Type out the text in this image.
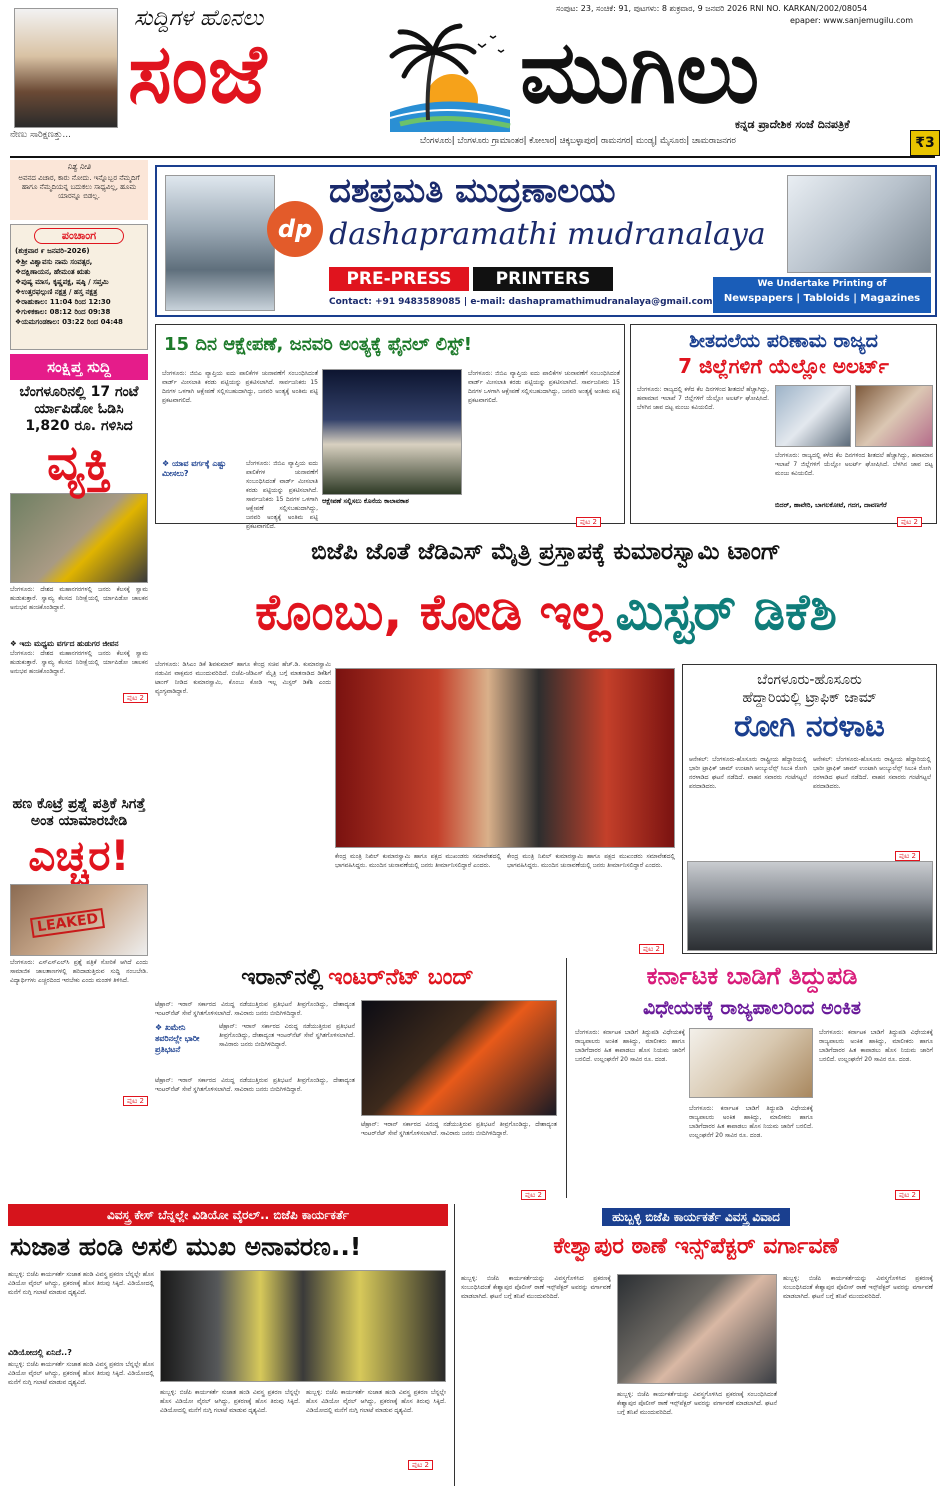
ನೇಣು ಸಾರಿಕ್ಷಣತ್ತು...
ಸುದ್ದಿಗಳ ಹೊನಲು
ಸಂಜೆ	ಮುಗಿಲು
ಸಂಪುಟ: 23, ಸಂಚಿಕೆ: 91, ಪುಟಗಳು: 8 ಶುಕ್ರವಾರ, 9 ಜನವರಿ 2026 RNI NO. KARKAN/2002/08054
epaper: www.sanjemugilu.com
ಕನ್ನಡ ಪ್ರಾದೇಶಿಕ ಸಂಜೆ ದಿನಪತ್ರಿಕೆ
ಬೆಂಗಳೂರು| ಬೆಂಗಳೂರು ಗ್ರಾಮಾಂತರ| ಕೋಲಾರ| ಚಿಕ್ಕಬಳ್ಳಾಪುರ| ರಾಮನಗರ| ಮಂಡ್ಯ| ಮೈಸೂರು| ಚಾಮರಾಜನಗರ	₹3
ನಿತ್ಯ ನೀತಿ
ಅವನದ ವಿಚಾರ, ಕಾರು ನೋದು. ಇನ್ನೊಬ್ಬರ ನೆಮ್ಮದಿಗೆ ಹಾಗೂ ನೆಮ್ಮದಿಯನ್ನ ಬದುಕಲು ಸಾಧ್ಯವಿಲ್ಲ, ಹೂಮ ಯಾರನ್ನೂ ಬಿಡಲ್ಲ.
ಪಂಚಾಂಗ
(ಶುಕ್ರವಾರ ೯ ಜನವರಿ-2026)
❖ಶ್ರೀ ವಿಶ್ವಾವಸು ನಾಮ ಸಂವತ್ಸರ,
❖ದಕ್ಷಿಣಾಯನ, ಹೇಮಂತ ಋತು
❖ಪುಷ್ಯ ಮಾಸ, ಕೃಷ್ಣಪಕ್ಷ, ಷಷ್ಠಿ / ಸಪ್ತಮಿ
❖ಉತ್ತರಫಲ್ಗುಣಿ ನಕ್ಷತ್ರ / ಹಸ್ತ ನಕ್ಷತ್ರ
❖ರಾಹುಕಾಲ: 11:04 ರಿಂದ 12:30
❖ಗುಳಿಕಕಾಲ: 08:12 ರಿಂದ 09:38
❖ಯಮಗಂಡಕಾಲ: 03:22 ರಿಂದ 04:48
ಸಂಕ್ಷಿಪ್ತ ಸುದ್ದಿ
ಬೆಂಗಳೂರಿನಲ್ಲಿ 17 ಗಂಟೆ ರ್ಯಾಪಿಡೋ ಓಡಿಸಿ 1,820 ರೂ. ಗಳಿಸಿದ
ವ್ಯಕ್ತಿ
ಬೆಂಗಳೂರು: ದೇಶದ ಮಹಾನಗರಗಳಲ್ಲಿ ಜನರು ಕೆಲಸಕ್ಕೆ ಸ್ವಾಮ ಹುಡುಕುತ್ತಾರೆ. ಸ್ವಾಮ್ಯ ಕೆಲಸದ ನಿರೀಕ್ಷೆಯಲ್ಲಿ ರ್ಯಾಪಿಡೋ ಚಾಲಕನ ಅನುಭವ ಹಂಚಿಕೊಂಡಿದ್ದಾನೆ.
❖ ಇದು ಮಧ್ಯಮ ವರ್ಗದ ಹುಡುಗರ ಜೀವನ
ಬೆಂಗಳೂರು: ದೇಶದ ಮಹಾನಗರಗಳಲ್ಲಿ ಜನರು ಕೆಲಸಕ್ಕೆ ಸ್ವಾಮ ಹುಡುಕುತ್ತಾರೆ. ಸ್ವಾಮ್ಯ ಕೆಲಸದ ನಿರೀಕ್ಷೆಯಲ್ಲಿ ರ್ಯಾಪಿಡೋ ಚಾಲಕನ ಅನುಭವ ಹಂಚಿಕೊಂಡಿದ್ದಾನೆ.
ಪುಟ 2
ಹಣ ಕೊಟ್ರೆ ಪ್ರಶ್ನೆ ಪತ್ರಿಕೆ ಸಿಗತ್ತೆ ಅಂತ ಯಾಮಾರಬೇಡಿ
ಎಚ್ಚರ!
LEAKED
ಬೆಂಗಳೂರು: ಎಸ್‌ಎಸ್‌ಎಲ್‌ಸಿ ಪ್ರಶ್ನೆ ಪತ್ರಿಕೆ ಸೋರಿಕೆ ಆಗಿದೆ ಎಂದು ಸಾಮಾಜಿಕ ಜಾಲತಾಣಗಳಲ್ಲಿ ಹರಿದಾಡುತ್ತಿರುವ ಸುದ್ದಿ ನಂಬಬೇಡಿ. ವಿದ್ಯಾರ್ಥಿಗಳು ಎಚ್ಚರದಿಂದ ಇರಬೇಕು ಎಂದು ಮಂಡಳಿ ತಿಳಿಸಿದೆ.
ಪುಟ 2
dp
ದಶಪ್ರಮತಿ ಮುದ್ರಣಾಲಯ
dashapramathi mudranalaya
PRE-PRESS	PRINTERS
Contact: +91 9483589085 | e-mail: dashapramathimudranalaya@gmail.com
We Undertake Printing of
Newspapers | Tabloids | Magazines
15 ದಿನ ಆಕ್ಷೇಪಣೆ, ಜನವರಿ ಅಂತ್ಯಕ್ಕೆ ಫೈನಲ್ ಲಿಸ್ಟ್!
ಬೆಂಗಳೂರು: ಜಿಬಿಎ ವ್ಯಾಪ್ತಿಯ ಐದು ಪಾಲಿಕೆಗಳ ಚುನಾವಣೆಗೆ ಸಂಬಂಧಿಸಿದಂತೆ ವಾರ್ಡ್ ಮೀಸಲಾತಿ ಕರಡು ಪಟ್ಟಿಯನ್ನು ಪ್ರಕಟಿಸಲಾಗಿದೆ. ಸಾರ್ವಜನಿಕರು 15 ದಿನಗಳ ಒಳಗಾಗಿ ಆಕ್ಷೇಪಣೆ ಸಲ್ಲಿಸಬಹುದಾಗಿದ್ದು, ಜನವರಿ ಅಂತ್ಯಕ್ಕೆ ಅಂತಿಮ ಪಟ್ಟಿ ಪ್ರಕಟವಾಗಲಿದೆ.
❖ ಯಾವ ವರ್ಗಕ್ಕೆ ಎಷ್ಟು ಮೀಸಲು?
ಬೆಂಗಳೂರು: ಜಿಬಿಎ ವ್ಯಾಪ್ತಿಯ ಐದು ಪಾಲಿಕೆಗಳ ಚುನಾವಣೆಗೆ ಸಂಬಂಧಿಸಿದಂತೆ ವಾರ್ಡ್ ಮೀಸಲಾತಿ ಕರಡು ಪಟ್ಟಿಯನ್ನು ಪ್ರಕಟಿಸಲಾಗಿದೆ. ಸಾರ್ವಜನಿಕರು 15 ದಿನಗಳ ಒಳಗಾಗಿ ಆಕ್ಷೇಪಣೆ ಸಲ್ಲಿಸಬಹುದಾಗಿದ್ದು, ಜನವರಿ ಅಂತ್ಯಕ್ಕೆ ಅಂತಿಮ ಪಟ್ಟಿ ಪ್ರಕಟವಾಗಲಿದೆ.
ಆಕ್ಷೇಪಣೆ ಸಲ್ಲಿಸಲು ಕೊನೆಯ ಕಾಲಾವಕಾಶ
ಬೆಂಗಳೂರು: ಜಿಬಿಎ ವ್ಯಾಪ್ತಿಯ ಐದು ಪಾಲಿಕೆಗಳ ಚುನಾವಣೆಗೆ ಸಂಬಂಧಿಸಿದಂತೆ ವಾರ್ಡ್ ಮೀಸಲಾತಿ ಕರಡು ಪಟ್ಟಿಯನ್ನು ಪ್ರಕಟಿಸಲಾಗಿದೆ. ಸಾರ್ವಜನಿಕರು 15 ದಿನಗಳ ಒಳಗಾಗಿ ಆಕ್ಷೇಪಣೆ ಸಲ್ಲಿಸಬಹುದಾಗಿದ್ದು, ಜನವರಿ ಅಂತ್ಯಕ್ಕೆ ಅಂತಿಮ ಪಟ್ಟಿ ಪ್ರಕಟವಾಗಲಿದೆ.
ಪುಟ 2
ಶೀತದಲೆಯ ಪರಿಣಾಮ ರಾಜ್ಯದ
7 ಜಿಲ್ಲೆಗಳಿಗೆ ಯೆಲ್ಲೋ ಅಲರ್ಟ್
ಬೆಂಗಳೂರು: ರಾಜ್ಯದಲ್ಲಿ ಕಳೆದ ಕೆಲ ದಿನಗಳಿಂದ ಶೀತದಲೆ ಹೆಚ್ಚಾಗಿದ್ದು, ಹವಾಮಾನ ಇಲಾಖೆ 7 ಜಿಲ್ಲೆಗಳಿಗೆ ಯೆಲ್ಲೋ ಅಲರ್ಟ್ ಘೋಷಿಸಿದೆ. ಬೆಳಗಿನ ಜಾವ ದಟ್ಟ ಮಂಜು ಕವಿಯಲಿದೆ.
ಬೆಂಗಳೂರು: ರಾಜ್ಯದಲ್ಲಿ ಕಳೆದ ಕೆಲ ದಿನಗಳಿಂದ ಶೀತದಲೆ ಹೆಚ್ಚಾಗಿದ್ದು, ಹವಾಮಾನ ಇಲಾಖೆ 7 ಜಿಲ್ಲೆಗಳಿಗೆ ಯೆಲ್ಲೋ ಅಲರ್ಟ್ ಘೋಷಿಸಿದೆ. ಬೆಳಗಿನ ಜಾವ ದಟ್ಟ ಮಂಜು ಕವಿಯಲಿದೆ.
ಬಿದರ್, ಹಾವೇರಿ, ಬಾಗಲಕೋಟೆ, ಗದಗ, ದಾವಣಗೆರೆ
ಪುಟ 2
ಬಿಜೆಪಿ ಜೊತೆ ಜೆಡಿಎಸ್ ಮೈತ್ರಿ ಪ್ರಸ್ತಾಪಕ್ಕೆ ಕುಮಾರಸ್ವಾಮಿ ಟಾಂಗ್
ಕೊಂಬು, ಕೋಡಿ ಇಲ್ಲ ಮಿಸ್ಟರ್ ಡಿಕೆಶಿ
ಬೆಂಗಳೂರು: ಡಿಸಿಎಂ ಡಿಕೆ ಶಿವಕುಮಾರ್ ಹಾಗೂ ಕೇಂದ್ರ ಸಚಿವ ಹೆಚ್.ಡಿ. ಕುಮಾರಸ್ವಾಮಿ ನಡುವಿನ ವಾಕ್ಸಮರ ಮುಂದುವರಿದಿದೆ. ಬಿಜೆಪಿ-ಜೆಡಿಎಸ್ ಮೈತ್ರಿ ಬಗ್ಗೆ ಮಾತನಾಡಿದ ಡಿಕೆಶಿಗೆ ಟಾಂಗ್ ನೀಡಿದ ಕುಮಾರಸ್ವಾಮಿ, ಕೊಂಬು ಕೋಡಿ ಇಲ್ಲ ಮಿಸ್ಟರ್ ಡಿಕೆಶಿ ಎಂದು ವ್ಯಂಗ್ಯವಾಡಿದ್ದಾರೆ.
ಕೇಂದ್ರ ಮಂತ್ರಿ ನಿಖಿಲ್ ಕುಮಾರಸ್ವಾಮಿ ಹಾಗೂ ಪಕ್ಷದ ಮುಖಂಡರು ಸಮಾವೇಶದಲ್ಲಿ ಭಾಗವಹಿಸಿದ್ದರು. ಮುಂದಿನ ಚುನಾವಣೆಯಲ್ಲಿ ಜನರು ತೀರ್ಮಾನಿಸಲಿದ್ದಾರೆ ಎಂದರು.
ಕೇಂದ್ರ ಮಂತ್ರಿ ನಿಖಿಲ್ ಕುಮಾರಸ್ವಾಮಿ ಹಾಗೂ ಪಕ್ಷದ ಮುಖಂಡರು ಸಮಾವೇಶದಲ್ಲಿ ಭಾಗವಹಿಸಿದ್ದರು. ಮುಂದಿನ ಚುನಾವಣೆಯಲ್ಲಿ ಜನರು ತೀರ್ಮಾನಿಸಲಿದ್ದಾರೆ ಎಂದರು.
ಪುಟ 2
ಬೆಂಗಳೂರು-ಹೊಸೂರು
ಹೆದ್ದಾರಿಯಲ್ಲಿ ಟ್ರಾಫಿಕ್ ಜಾಮ್
ರೋಗಿ ನರಳಾಟ
ಆನೇಕಲ್: ಬೆಂಗಳೂರು-ಹೊಸೂರು ರಾಷ್ಟ್ರೀಯ ಹೆದ್ದಾರಿಯಲ್ಲಿ ಭಾರೀ ಟ್ರಾಫಿಕ್ ಜಾಮ್ ಉಂಟಾಗಿ ಆಂಬ್ಯುಲೆನ್ಸ್ ಸಿಲುಕಿ ರೋಗಿ ನರಳಾಡಿದ ಘಟನೆ ನಡೆದಿದೆ. ವಾಹನ ಸವಾರರು ಗಂಟೆಗಟ್ಟಲೆ ಪರದಾಡಿದರು.
ಆನೇಕಲ್: ಬೆಂಗಳೂರು-ಹೊಸೂರು ರಾಷ್ಟ್ರೀಯ ಹೆದ್ದಾರಿಯಲ್ಲಿ ಭಾರೀ ಟ್ರಾಫಿಕ್ ಜಾಮ್ ಉಂಟಾಗಿ ಆಂಬ್ಯುಲೆನ್ಸ್ ಸಿಲುಕಿ ರೋಗಿ ನರಳಾಡಿದ ಘಟನೆ ನಡೆದಿದೆ. ವಾಹನ ಸವಾರರು ಗಂಟೆಗಟ್ಟಲೆ ಪರದಾಡಿದರು.
ಪುಟ 2
ಇರಾನ್‌ನಲ್ಲಿ ಇಂಟರ್‌ನೆಟ್ ಬಂದ್
ಟೆಹ್ರಾನ್: ಇರಾನ್ ಸರ್ಕಾರದ ವಿರುದ್ಧ ನಡೆಯುತ್ತಿರುವ ಪ್ರತಿಭಟನೆ ತೀವ್ರಗೊಂಡಿದ್ದು, ದೇಶಾದ್ಯಂತ ಇಂಟರ್‌ನೆಟ್ ಸೇವೆ ಸ್ಥಗಿತಗೊಳಿಸಲಾಗಿದೆ. ಸಾವಿರಾರು ಜನರು ಬೀದಿಗಿಳಿದಿದ್ದಾರೆ.
❖ ಖಮೇನಿ ತವರಿನಲ್ಲೇ ಭಾರೀ ಪ್ರತಿಭಟನೆ
ಟೆಹ್ರಾನ್: ಇರಾನ್ ಸರ್ಕಾರದ ವಿರುದ್ಧ ನಡೆಯುತ್ತಿರುವ ಪ್ರತಿಭಟನೆ ತೀವ್ರಗೊಂಡಿದ್ದು, ದೇಶಾದ್ಯಂತ ಇಂಟರ್‌ನೆಟ್ ಸೇವೆ ಸ್ಥಗಿತಗೊಳಿಸಲಾಗಿದೆ. ಸಾವಿರಾರು ಜನರು ಬೀದಿಗಿಳಿದಿದ್ದಾರೆ.
ಟೆಹ್ರಾನ್: ಇರಾನ್ ಸರ್ಕಾರದ ವಿರುದ್ಧ ನಡೆಯುತ್ತಿರುವ ಪ್ರತಿಭಟನೆ ತೀವ್ರಗೊಂಡಿದ್ದು, ದೇಶಾದ್ಯಂತ ಇಂಟರ್‌ನೆಟ್ ಸೇವೆ ಸ್ಥಗಿತಗೊಳಿಸಲಾಗಿದೆ. ಸಾವಿರಾರು ಜನರು ಬೀದಿಗಿಳಿದಿದ್ದಾರೆ.
ಟೆಹ್ರಾನ್: ಇರಾನ್ ಸರ್ಕಾರದ ವಿರುದ್ಧ ನಡೆಯುತ್ತಿರುವ ಪ್ರತಿಭಟನೆ ತೀವ್ರಗೊಂಡಿದ್ದು, ದೇಶಾದ್ಯಂತ ಇಂಟರ್‌ನೆಟ್ ಸೇವೆ ಸ್ಥಗಿತಗೊಳಿಸಲಾಗಿದೆ. ಸಾವಿರಾರು ಜನರು ಬೀದಿಗಿಳಿದಿದ್ದಾರೆ.
ಪುಟ 2
ಕರ್ನಾಟಕ ಬಾಡಿಗೆ ತಿದ್ದುಪಡಿ
ವಿಧೇಯಕಕ್ಕೆ ರಾಜ್ಯಪಾಲರಿಂದ ಅಂಕಿತ
ಬೆಂಗಳೂರು: ಕರ್ನಾಟಕ ಬಾಡಿಗೆ ತಿದ್ದುಪಡಿ ವಿಧೇಯಕಕ್ಕೆ ರಾಜ್ಯಪಾಲರು ಅಂಕಿತ ಹಾಕಿದ್ದು, ಮಾಲೀಕರು ಹಾಗೂ ಬಾಡಿಗೆದಾರರ ಹಿತ ಕಾಪಾಡಲು ಹೊಸ ನಿಯಮ ಜಾರಿಗೆ ಬರಲಿದೆ. ಉಲ್ಲಂಘನೆಗೆ 20 ಸಾವಿರ ರೂ. ದಂಡ.
ಬೆಂಗಳೂರು: ಕರ್ನಾಟಕ ಬಾಡಿಗೆ ತಿದ್ದುಪಡಿ ವಿಧೇಯಕಕ್ಕೆ ರಾಜ್ಯಪಾಲರು ಅಂಕಿತ ಹಾಕಿದ್ದು, ಮಾಲೀಕರು ಹಾಗೂ ಬಾಡಿಗೆದಾರರ ಹಿತ ಕಾಪಾಡಲು ಹೊಸ ನಿಯಮ ಜಾರಿಗೆ ಬರಲಿದೆ. ಉಲ್ಲಂಘನೆಗೆ 20 ಸಾವಿರ ರೂ. ದಂಡ.
ಬೆಂಗಳೂರು: ಕರ್ನಾಟಕ ಬಾಡಿಗೆ ತಿದ್ದುಪಡಿ ವಿಧೇಯಕಕ್ಕೆ ರಾಜ್ಯಪಾಲರು ಅಂಕಿತ ಹಾಕಿದ್ದು, ಮಾಲೀಕರು ಹಾಗೂ ಬಾಡಿಗೆದಾರರ ಹಿತ ಕಾಪಾಡಲು ಹೊಸ ನಿಯಮ ಜಾರಿಗೆ ಬರಲಿದೆ. ಉಲ್ಲಂಘನೆಗೆ 20 ಸಾವಿರ ರೂ. ದಂಡ.
ಪುಟ 2
ವಿವಸ್ತ್ರ ಕೇಸ್ ಬೆನ್ನಲ್ಲೇ ವಿಡಿಯೋ ವೈರಲ್.. ಬಿಜೆಪಿ ಕಾರ್ಯಕರ್ತೆ
ಸುಜಾತ ಹಂಡಿ ಅಸಲಿ ಮುಖ ಅನಾವರಣ..!
ಹುಬ್ಬಳ್ಳಿ: ಬಿಜೆಪಿ ಕಾರ್ಯಕರ್ತೆ ಸುಜಾತ ಹಂಡಿ ವಿವಸ್ತ್ರ ಪ್ರಕರಣ ಬೆನ್ನಲ್ಲೇ ಹೊಸ ವಿಡಿಯೋ ವೈರಲ್ ಆಗಿದ್ದು, ಪ್ರಕರಣಕ್ಕೆ ಹೊಸ ತಿರುವು ಸಿಕ್ಕಿದೆ. ವಿಡಿಯೋದಲ್ಲಿ ಮನೆಗೆ ನುಗ್ಗಿ ಗಲಾಟೆ ಮಾಡುವ ದೃಶ್ಯವಿದೆ.
ವಿಡಿಯೋದಲ್ಲಿ ಏನಿದೆ..?
ಹುಬ್ಬಳ್ಳಿ: ಬಿಜೆಪಿ ಕಾರ್ಯಕರ್ತೆ ಸುಜಾತ ಹಂಡಿ ವಿವಸ್ತ್ರ ಪ್ರಕರಣ ಬೆನ್ನಲ್ಲೇ ಹೊಸ ವಿಡಿಯೋ ವೈರಲ್ ಆಗಿದ್ದು, ಪ್ರಕರಣಕ್ಕೆ ಹೊಸ ತಿರುವು ಸಿಕ್ಕಿದೆ. ವಿಡಿಯೋದಲ್ಲಿ ಮನೆಗೆ ನುಗ್ಗಿ ಗಲಾಟೆ ಮಾಡುವ ದೃಶ್ಯವಿದೆ.
ಹುಬ್ಬಳ್ಳಿ: ಬಿಜೆಪಿ ಕಾರ್ಯಕರ್ತೆ ಸುಜಾತ ಹಂಡಿ ವಿವಸ್ತ್ರ ಪ್ರಕರಣ ಬೆನ್ನಲ್ಲೇ ಹೊಸ ವಿಡಿಯೋ ವೈರಲ್ ಆಗಿದ್ದು, ಪ್ರಕರಣಕ್ಕೆ ಹೊಸ ತಿರುವು ಸಿಕ್ಕಿದೆ. ವಿಡಿಯೋದಲ್ಲಿ ಮನೆಗೆ ನುಗ್ಗಿ ಗಲಾಟೆ ಮಾಡುವ ದೃಶ್ಯವಿದೆ.
ಹುಬ್ಬಳ್ಳಿ: ಬಿಜೆಪಿ ಕಾರ್ಯಕರ್ತೆ ಸುಜಾತ ಹಂಡಿ ವಿವಸ್ತ್ರ ಪ್ರಕರಣ ಬೆನ್ನಲ್ಲೇ ಹೊಸ ವಿಡಿಯೋ ವೈರಲ್ ಆಗಿದ್ದು, ಪ್ರಕರಣಕ್ಕೆ ಹೊಸ ತಿರುವು ಸಿಕ್ಕಿದೆ. ವಿಡಿಯೋದಲ್ಲಿ ಮನೆಗೆ ನುಗ್ಗಿ ಗಲಾಟೆ ಮಾಡುವ ದೃಶ್ಯವಿದೆ.
ಪುಟ 2
ಹುಬ್ಬಳ್ಳಿ ಬಿಜೆಪಿ ಕಾರ್ಯಕರ್ತೆ ವಿವಸ್ತ್ರ ವಿವಾದ
ಕೇಶ್ವಾಪುರ ಠಾಣೆ ಇನ್ಸ್‌ಪೆಕ್ಟರ್ ವರ್ಗಾವಣೆ
ಹುಬ್ಬಳ್ಳಿ: ಬಿಜೆಪಿ ಕಾರ್ಯಕರ್ತೆಯನ್ನು ವಿವಸ್ತ್ರಗೊಳಿಸಿದ ಪ್ರಕರಣಕ್ಕೆ ಸಂಬಂಧಿಸಿದಂತೆ ಕೇಶ್ವಾಪುರ ಪೊಲೀಸ್ ಠಾಣೆ ಇನ್ಸ್‌ಪೆಕ್ಟರ್ ಅವರನ್ನು ವರ್ಗಾವಣೆ ಮಾಡಲಾಗಿದೆ. ಘಟನೆ ಬಗ್ಗೆ ತನಿಖೆ ಮುಂದುವರಿದಿದೆ.
ಹುಬ್ಬಳ್ಳಿ: ಬಿಜೆಪಿ ಕಾರ್ಯಕರ್ತೆಯನ್ನು ವಿವಸ್ತ್ರಗೊಳಿಸಿದ ಪ್ರಕರಣಕ್ಕೆ ಸಂಬಂಧಿಸಿದಂತೆ ಕೇಶ್ವಾಪುರ ಪೊಲೀಸ್ ಠಾಣೆ ಇನ್ಸ್‌ಪೆಕ್ಟರ್ ಅವರನ್ನು ವರ್ಗಾವಣೆ ಮಾಡಲಾಗಿದೆ. ಘಟನೆ ಬಗ್ಗೆ ತನಿಖೆ ಮುಂದುವರಿದಿದೆ.
ಹುಬ್ಬಳ್ಳಿ: ಬಿಜೆಪಿ ಕಾರ್ಯಕರ್ತೆಯನ್ನು ವಿವಸ್ತ್ರಗೊಳಿಸಿದ ಪ್ರಕರಣಕ್ಕೆ ಸಂಬಂಧಿಸಿದಂತೆ ಕೇಶ್ವಾಪುರ ಪೊಲೀಸ್ ಠಾಣೆ ಇನ್ಸ್‌ಪೆಕ್ಟರ್ ಅವರನ್ನು ವರ್ಗಾವಣೆ ಮಾಡಲಾಗಿದೆ. ಘಟನೆ ಬಗ್ಗೆ ತನಿಖೆ ಮುಂದುವರಿದಿದೆ.
